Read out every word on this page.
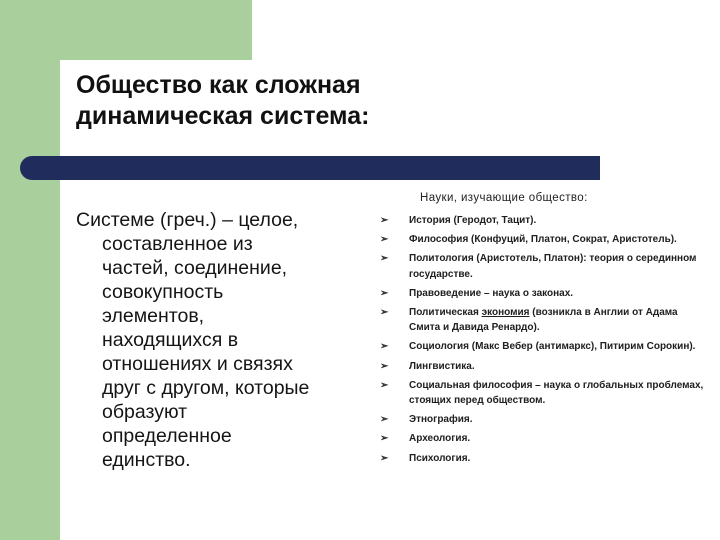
Общество как сложная
динамическая система:
Системе (греч.) – целое,
составленное из
частей, соединение,
совокупность
элементов,
находящихся в
отношениях и связях
друг с другом, которые
образуют
определенное
единство.
Науки, изучающие общество:
➢ История (Геродот, Тацит).
➢ Философия (Конфуций, Платон, Сократ, Аристотель).
➢ Политология (Аристотель, Платон): теория о серединном государстве.
➢ Правоведение – наука о законах.
➢ Политическая экономия (возникла в Англии от Адама Смита и Давида Ренардо).
➢ Социология (Макс Вебер (антимаркс), Питирим Сорокин).
➢ Лингвистика.
➢ Социальная философия – наука о глобальных проблемах, стоящих перед обществом.
➢ Этнография.
➢ Археология.
➢ Психология.
